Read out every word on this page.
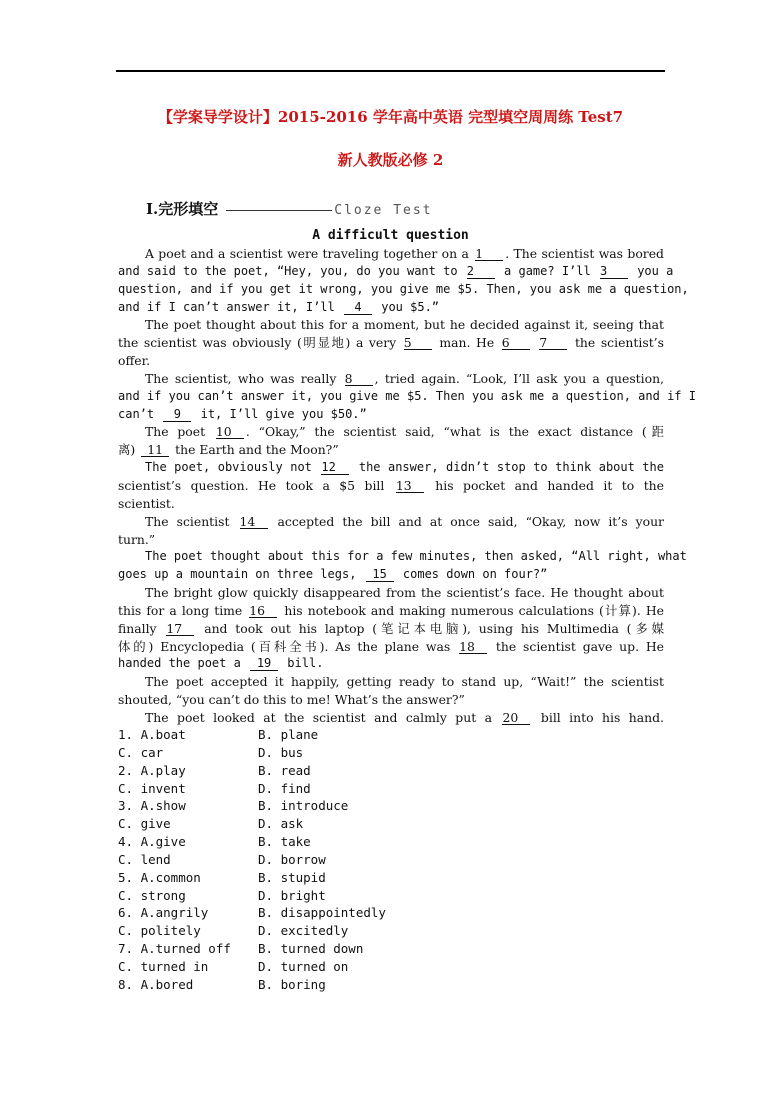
【学案导学设计】2015-2016 学年高中英语 完型填空周周练 Test7
新人教版必修 2
I.完形填空	Cloze Test
A difficult question
A poet and a scientist were traveling together on a 1 . The scientist was bored
and said to the poet, “Hey, you, do you want to 2	a game? I’ll 3	you a
question, and if you get it wrong, you give me $5. Then, you ask me a question,
and if I can’t answer it, I’ll 4 you $5.”
The poet thought about this for a moment, but he decided against it, seeing that
the scientist was obviously (明显地) a very 5 man. He 6 7 the scientist’s
offer.
The scientist, who was really 8 , tried again. “Look, I’ll ask you a question,
and if you can’t answer it, you give me $5. Then you ask me a question, and if I
can’t 9 it, I’ll give you $50.”
The poet 10 . “Okay,” the scientist said, “what is the exact distance (距
离) 11 the Earth and the Moon?”
The poet, obviously not 12 the answer, didn’t stop to think about the
scientist’s question. He took a $5 bill 13 his pocket and handed it to the
scientist.
The scientist 14 accepted the bill and at once said, “Okay, now it’s your
turn.”
The poet thought about this for a few minutes, then asked, “All right, what
goes up a mountain on three legs, 15 comes down on four?”
The bright glow quickly disappeared from the scientist’s face. He thought about
this for a long time 16 his notebook and making numerous calculations (计算). He
finally 17 and took out his laptop (笔记本电脑), using his Multimedia (多媒
体的) Encyclopedia (百科全书). As the plane was 18 the scientist gave up. He
handed the poet a 19 bill.
The poet accepted it happily, getting ready to stand up, “Wait!” the scientist
shouted, “you can’t do this to me! What’s the answer?”
The poet looked at the scientist and calmly put a 20 bill into his hand.
1. A.boat	B. plane
C. car	D. bus
2. A.play	B. read
C. invent	D. find
3. A.show	B. introduce
C. give	D. ask
4. A.give	B. take
C. lend	D. borrow
5. A.common	B. stupid
C. strong	D. bright
6. A.angrily	B. disappointedly
C. politely	D. excitedly
7. A.turned off B. turned down
C. turned in	D. turned on
8. A.bored	B. boring
